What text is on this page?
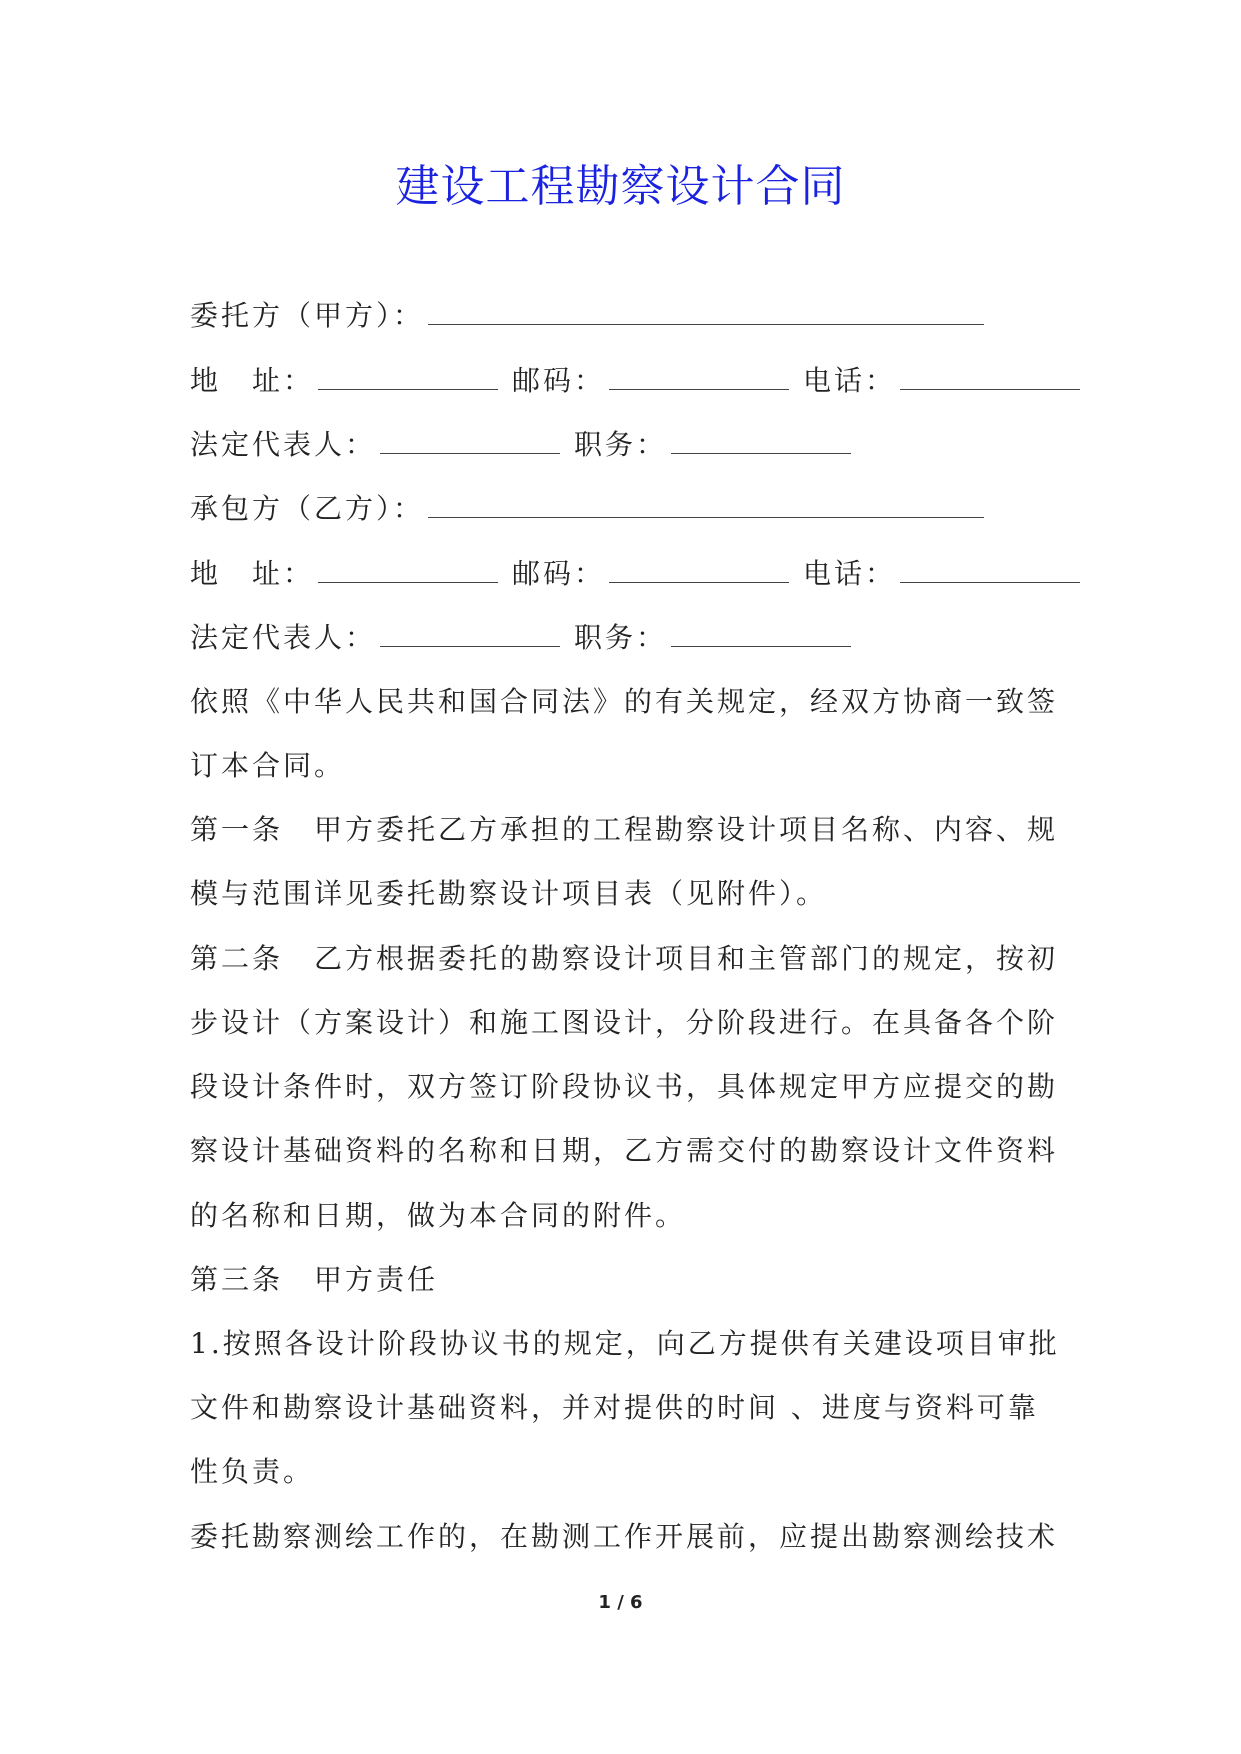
建设工程勘察设计合同
委托方（甲方）：
地　址：	邮码：	电话：
法定代表人：	职务：
承包方（乙方）：
地　址：	邮码：	电话：
法定代表人：	职务：
依照《中华人民共和国合同法》的有关规定，经双方协商一致签
订本合同。
第一条　甲方委托乙方承担的工程勘察设计项目名称、内容、规
模与范围详见委托勘察设计项目表（见附件）。
第二条　乙方根据委托的勘察设计项目和主管部门的规定，按初
步设计（方案设计）和施工图设计，分阶段进行。在具备各个阶
段设计条件时，双方签订阶段协议书，具体规定甲方应提交的勘
察设计基础资料的名称和日期，乙方需交付的勘察设计文件资料
的名称和日期，做为本合同的附件。
第三条　甲方责任
1.按照各设计阶段协议书的规定，向乙方提供有关建设项目审批
文件和勘察设计基础资料，并对提供的时间 、进度与资料可靠
性负责。
委托勘察测绘工作的，在勘测工作开展前，应提出勘察测绘技术
1 / 6
